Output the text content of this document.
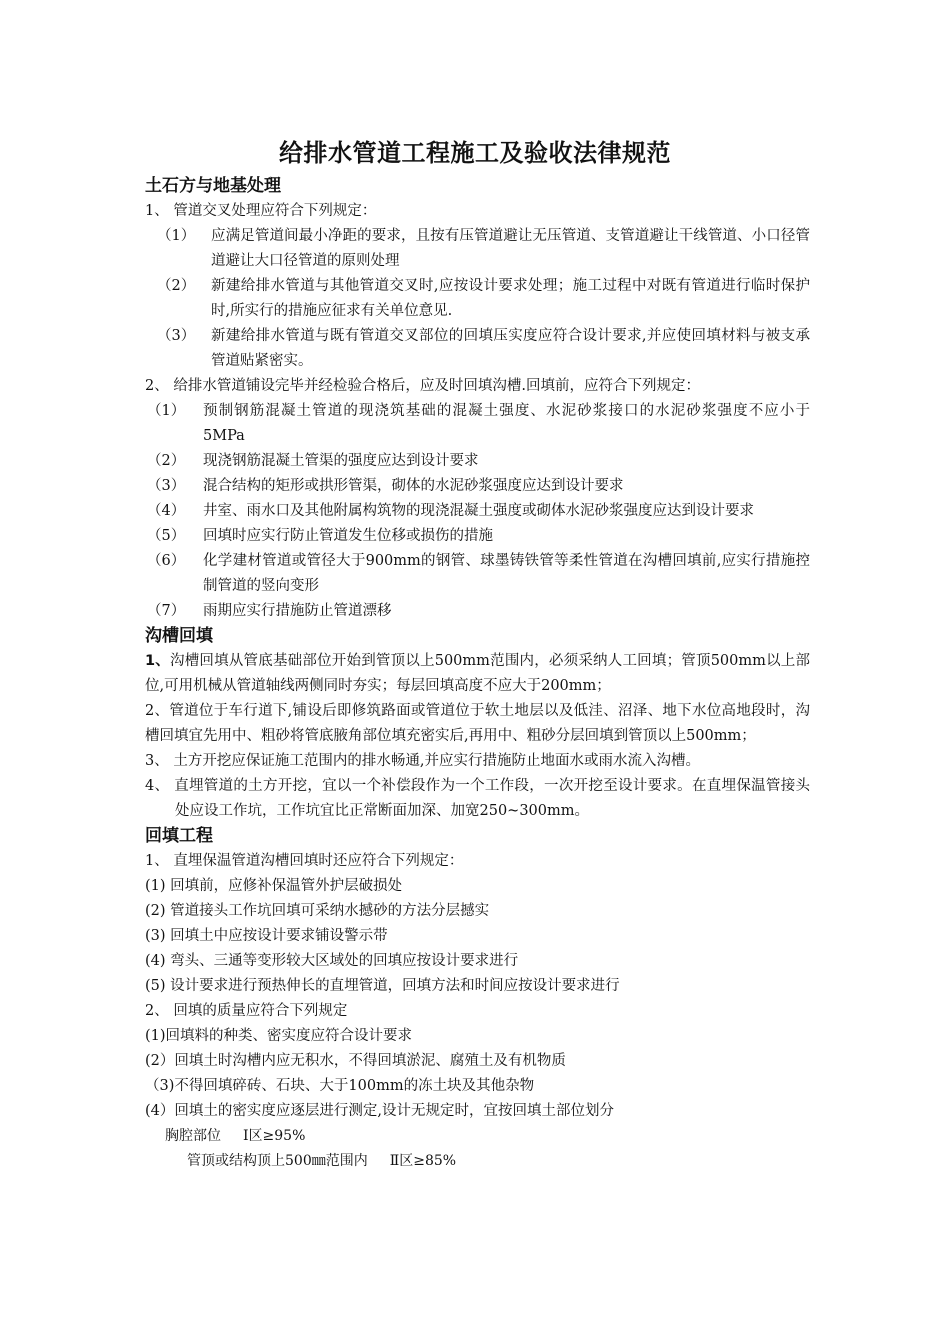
给排水管道工程施工及验收法律规范
土石方与地基处理
1、 管道交叉处理应符合下列规定：
（1）	应满足管道间最小净距的要求，且按有压管道避让无压管道、支管道避让干线管道、小口径管道避让大口径管道的原则处理
（2）	新建给排水管道与其他管道交叉时,应按设计要求处理；施工过程中对既有管道进行临时保护时,所实行的措施应征求有关单位意见.
（3）	新建给排水管道与既有管道交叉部位的回填压实度应符合设计要求,并应使回填材料与被支承管道贴紧密实。
2、 给排水管道铺设完毕并经检验合格后，应及时回填沟槽.回填前，应符合下列规定：
（1）	预制钢筋混凝土管道的现浇筑基础的混凝土强度、水泥砂浆接口的水泥砂浆强度不应小于5MPa
（2）	现浇钢筋混凝土管渠的强度应达到设计要求
（3）	混合结构的矩形或拱形管渠，砌体的水泥砂浆强度应达到设计要求
（4）	井室、雨水口及其他附属构筑物的现浇混凝土强度或砌体水泥砂浆强度应达到设计要求
（5）	回填时应实行防止管道发生位移或损伤的措施
（6）	化学建材管道或管径大于900mm的钢管、球墨铸铁管等柔性管道在沟槽回填前,应实行措施控制管道的竖向变形
（7）	雨期应实行措施防止管道漂移
沟槽回填
1、沟槽回填从管底基础部位开始到管顶以上500mm范围内，必须采纳人工回填；管顶500mm以上部位,可用机械从管道轴线两侧同时夯实；每层回填高度不应大于200mm；
2、管道位于车行道下,铺设后即修筑路面或管道位于软土地层以及低洼、沼泽、地下水位高地段时，沟槽回填宜先用中、粗砂将管底腋角部位填充密实后,再用中、粗砂分层回填到管顶以上500mm；
3、 土方开挖应保证施工范围内的排水畅通,并应实行措施防止地面水或雨水流入沟槽。
4、 直埋管道的土方开挖，宜以一个补偿段作为一个工作段，一次开挖至设计要求。在直埋保温管接头处应设工作坑，工作坑宜比正常断面加深、加宽250~300mm。
回填工程
1、 直埋保温管道沟槽回填时还应符合下列规定：
(1) 回填前，应修补保温管外护层破损处
(2) 管道接头工作坑回填可采纳水撼砂的方法分层撼实
(3) 回填土中应按设计要求铺设警示带
(4) 弯头、三通等变形较大区域处的回填应按设计要求进行
(5) 设计要求进行预热伸长的直埋管道，回填方法和时间应按设计要求进行
2、 回填的质量应符合下列规定
(1)回填料的种类、密实度应符合设计要求
(2）回填土时沟槽内应无积水，不得回填淤泥、腐殖土及有机物质
（3)不得回填碎砖、石块、大于100mm的冻土块及其他杂物
(4）回填土的密实度应逐层进行测定,设计无规定时，宜按回填土部位划分
胸腔部位 Ⅰ区≥95%
管顶或结构顶上500㎜范围内 Ⅱ区≥85%
